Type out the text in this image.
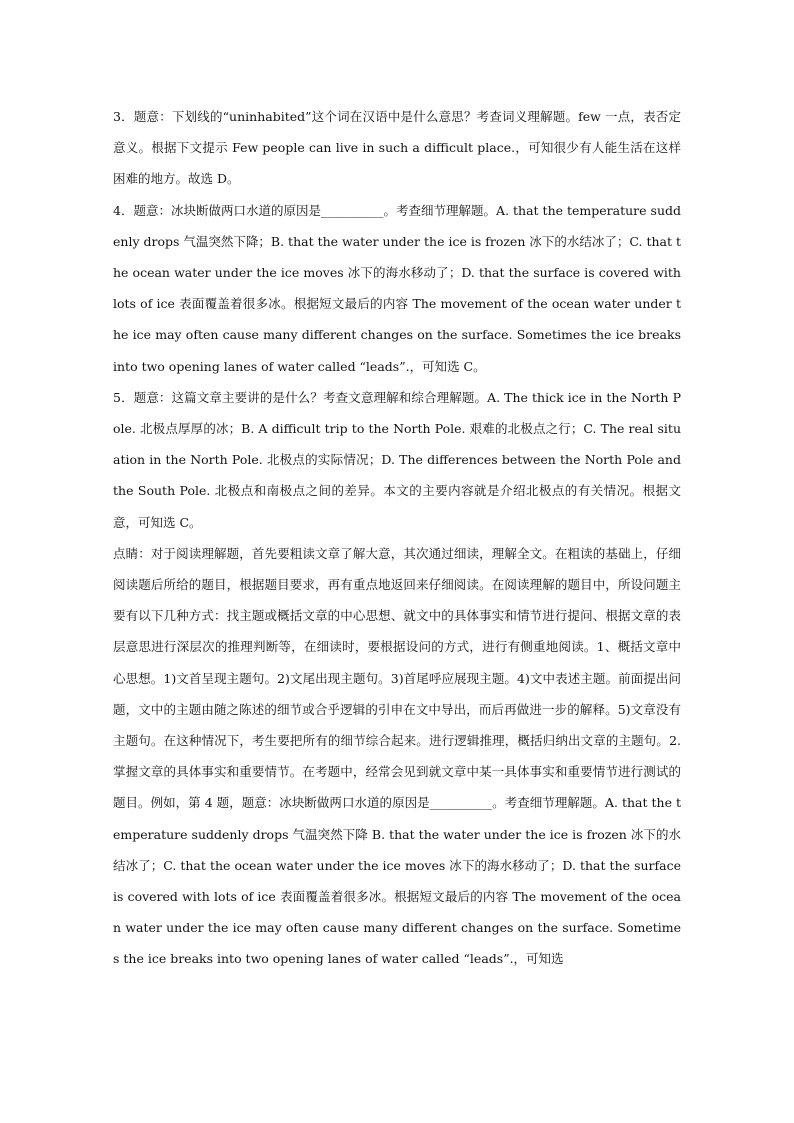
3．题意：下划线的“uninhabited”这个词在汉语中是什么意思？考查词义理解题。few 一点，表否定意义。根据下文提示 Few people can live in such a difficult place.，可知很少有人能生活在这样困难的地方。故选 D。

4．题意：冰块断做两口水道的原因是__________。考查细节理解题。A. that the temperature suddenly drops 气温突然下降；B. that the water under the ice is frozen 冰下的水结冰了；C. that the ocean water under the ice moves 冰下的海水移动了；D. that the surface is covered with lots of ice 表面覆盖着很多冰。根据短文最后的内容 The movement of the ocean water under the ice may often cause many different changes on the surface. Sometimes the ice breaks into two opening lanes of water called “leads”.，可知选 C。

5．题意：这篇文章主要讲的是什么？考查文意理解和综合理解题。A. The thick ice in the North Pole. 北极点厚厚的冰；B. A difficult trip to the North Pole. 艰难的北极点之行；C. The real situation in the North Pole. 北极点的实际情况；D. The differences between the North Pole and the South Pole. 北极点和南极点之间的差异。本文的主要内容就是介绍北极点的有关情况。根据文意，可知选 C。

点睛：对于阅读理解题，首先要粗读文章了解大意，其次通过细读，理解全文。在粗读的基础上，仔细阅读题后所给的题目，根据题目要求，再有重点地返回来仔细阅读。在阅读理解的题目中，所设问题主要有以下几种方式：找主题或概括文章的中心思想、就文中的具体事实和情节进行提问、根据文章的表层意思进行深层次的推理判断等，在细读时，要根据设问的方式，进行有侧重地阅读。1、概括文章中心思想。1)文首呈现主题句。2)文尾出现主题句。3)首尾呼应展现主题。4)文中表述主题。前面提出问题，文中的主题由随之陈述的细节或合乎逻辑的引申在文中导出，而后再做进一步的解释。5)文章没有主题句。在这种情况下，考生要把所有的细节综合起来。进行逻辑推理，概括归纳出文章的主题句。2.掌握文章的具体事实和重要情节。在考题中，经常会见到就文章中某一具体事实和重要情节进行测试的题目。例如，第 4 题，题意：冰块断做两口水道的原因是__________。考查细节理解题。A. that the temperature suddenly drops 气温突然下降 B. that the water under the ice is frozen 冰下的水结冰了；C. that the ocean water under the ice moves 冰下的海水移动了；D. that the surface is covered with lots of ice 表面覆盖着很多冰。根据短文最后的内容 The movement of the ocean water under the ice may often cause many different changes on the surface. Sometimes the ice breaks into two opening lanes of water called “leads”.，可知选
